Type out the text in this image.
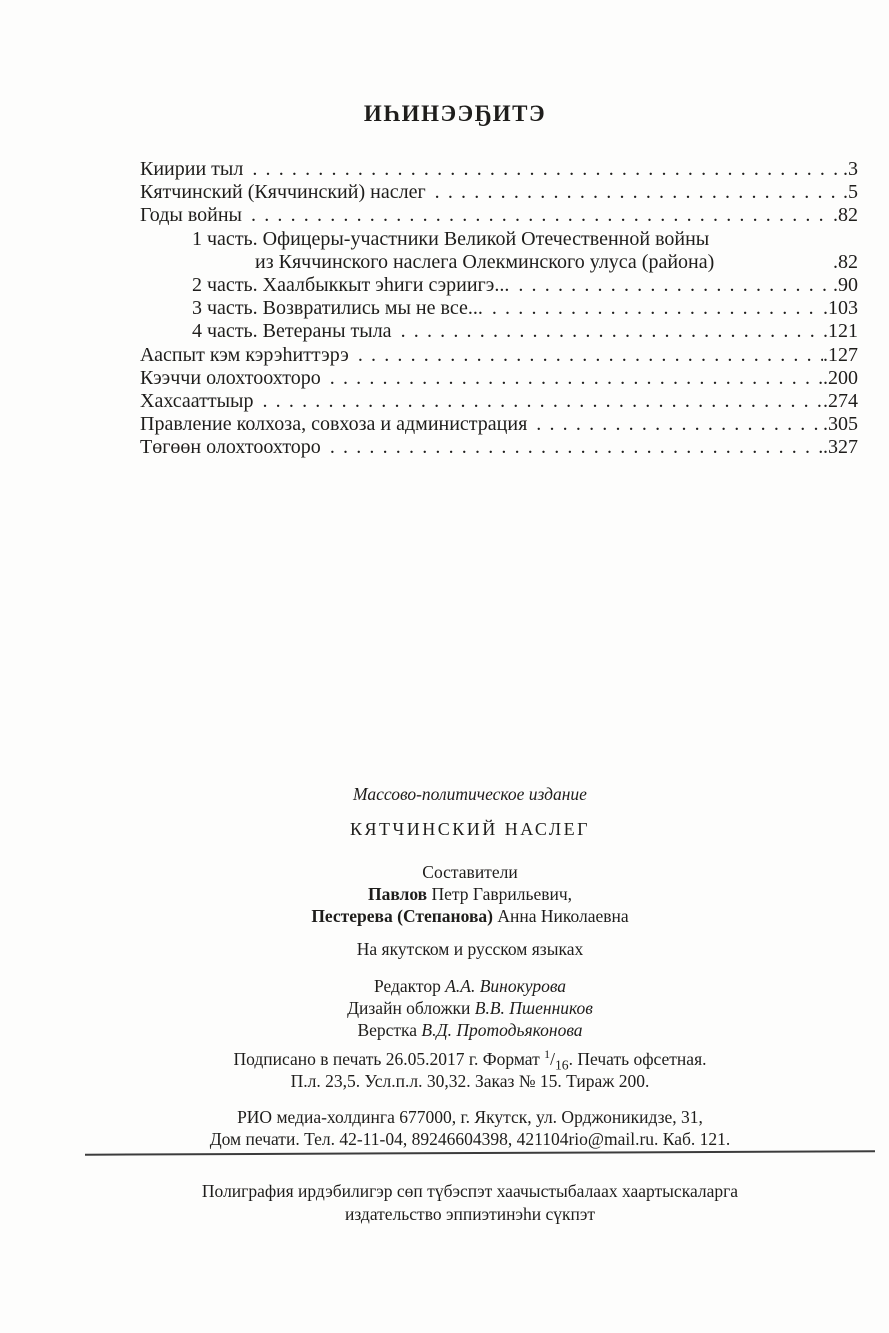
ИҺИНЭЭҔИТЭ
Киирии тыл .....	. 3
Кятчинский (Кяччинский) наслег .....	. 5
Годы войны .....	. 82
1 часть. Офицеры-участники Великой Отечественной войны
из Кяччинского наслега Олекминского улуса (района)	. 82
2 часть. Хаалбыккыт эһиги сэриигэ... .....	. 90
3 часть. Возвратились мы не все... .....	. 103
4 часть. Ветераны тыла .....	. 121
Ааспыт кэм кэрэһиттэрэ .....	. 127
Кээччи олохтоохторо .....	. 200
Хахсааттыыр .....	. 274
Правление колхоза, совхоза и администрация .....	. 305
Төгөөн олохтоохторо .....	. 327
Массово-политическое издание
КЯТЧИНСКИЙ НАСЛЕГ
Составители
Павлов Петр Гаврильевич,
Пестерева (Степанова) Анна Николаевна
На якутском и русском языках
Редактор А.А. Винокурова
Дизайн обложки В.В. Пшенников
Верстка В.Д. Протодьяконова
Подписано в печать 26.05.2017 г. Формат $^1/_{16}$. Печать офсетная.
П.л. 23,5. Усл.п.л. 30,32. Заказ № 15. Тираж 200.
РИО медиа-холдинга 677000, г. Якутск, ул. Орджоникидзе, 31,
Дом печати. Тел. 42-11-04, 89246604398, 421104rio@mail.ru. Каб. 121.
Полиграфия ирдэбилигэр сөп түбэспэт хаачыстыбалаах хаартыскаларга
издательство эппиэтинэһи сүкпэт
